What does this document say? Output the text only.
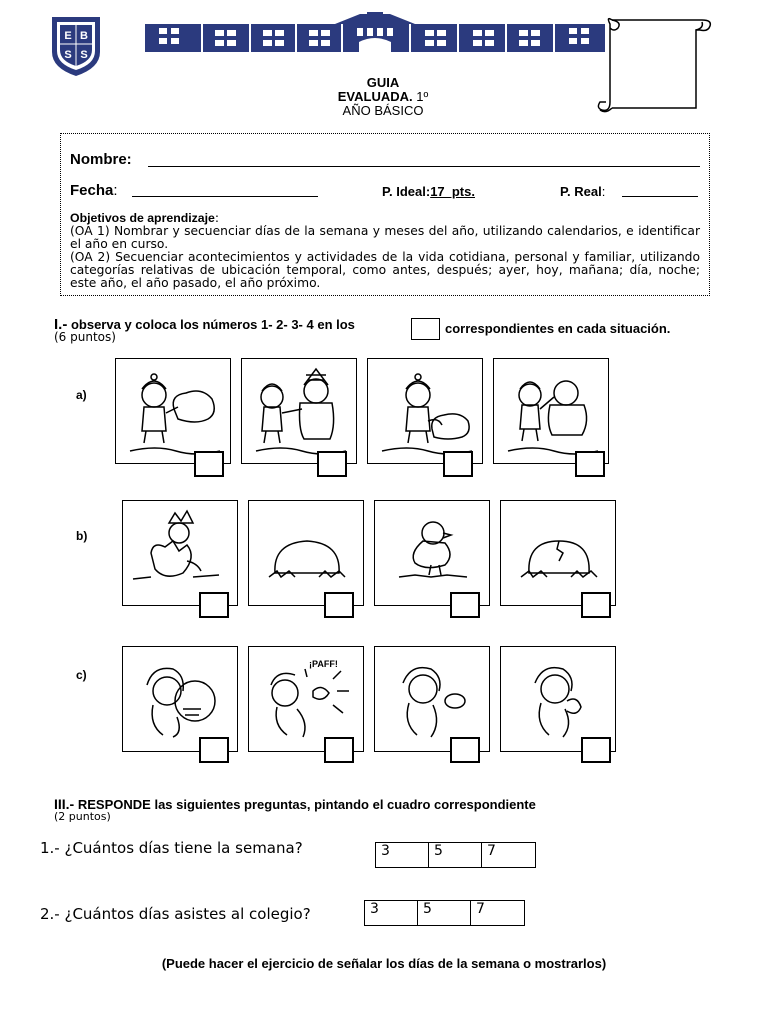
E B
S S
GUIA
EVALUADA. 1º
AÑO BÁSICO
Nombre:
Fecha:	P. Ideal:17  pts.	P. Real:

Objetivos de aprendizaje:

(OA 1) Nombrar y secuenciar días de la semana y meses del año, utilizando calendarios, e identificar el año en curso.

(OA 2) Secuenciar acontecimientos y actividades de la vida cotidiana, personal y familiar, utilizando categorías relativas de ubicación temporal, como antes, después; ayer, hoy, mañana; día, noche; este año, el año pasado, el año próximo.

I.- observa y coloca los números 1- 2- 3- 4 en los	correspondientes en cada situación.
(6 puntos)
a)
b)
c)
¡PAFF!
III.- RESPONDE las siguientes preguntas, pintando el cuadro correspondiente
(2 puntos)
1.- ¿Cuántos días tiene la semana?	3	5	7
2.- ¿Cuántos días asistes al colegio?	3	5	7
(Puede hacer el ejercicio de señalar los días de la semana o mostrarlos)
